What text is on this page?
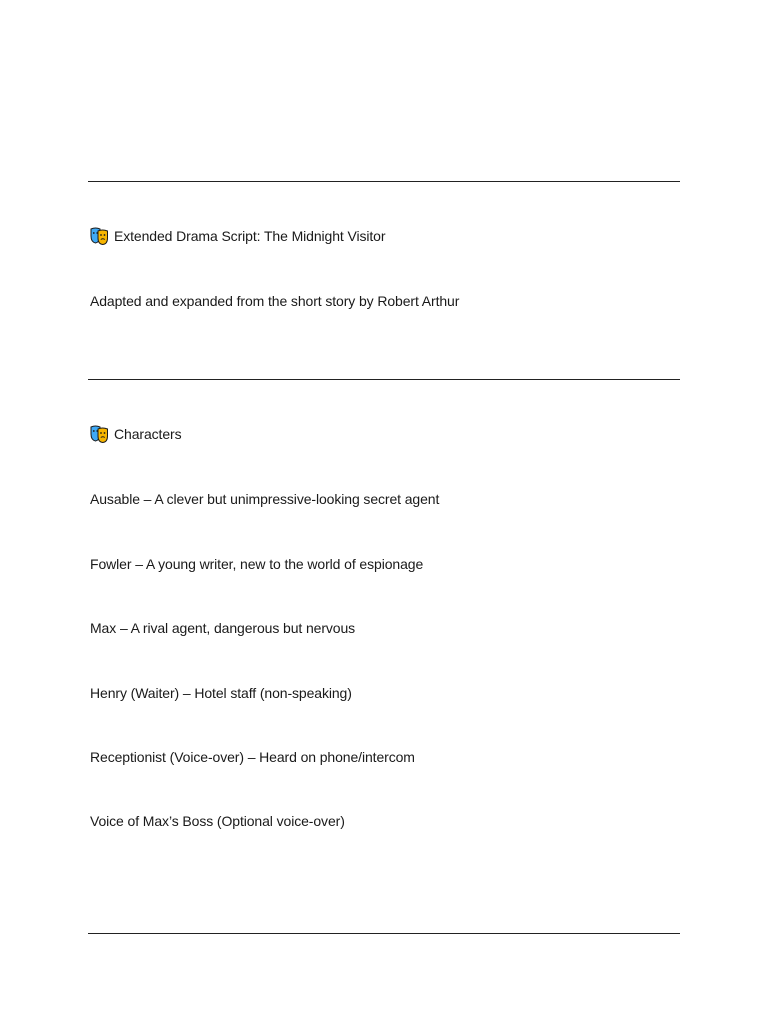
Extended Drama Script: The Midnight Visitor
Adapted and expanded from the short story by Robert Arthur
Characters
Ausable – A clever but unimpressive-looking secret agent
Fowler – A young writer, new to the world of espionage
Max – A rival agent, dangerous but nervous
Henry (Waiter) – Hotel staff (non-speaking)
Receptionist (Voice-over) – Heard on phone/intercom
Voice of Max’s Boss (Optional voice-over)
